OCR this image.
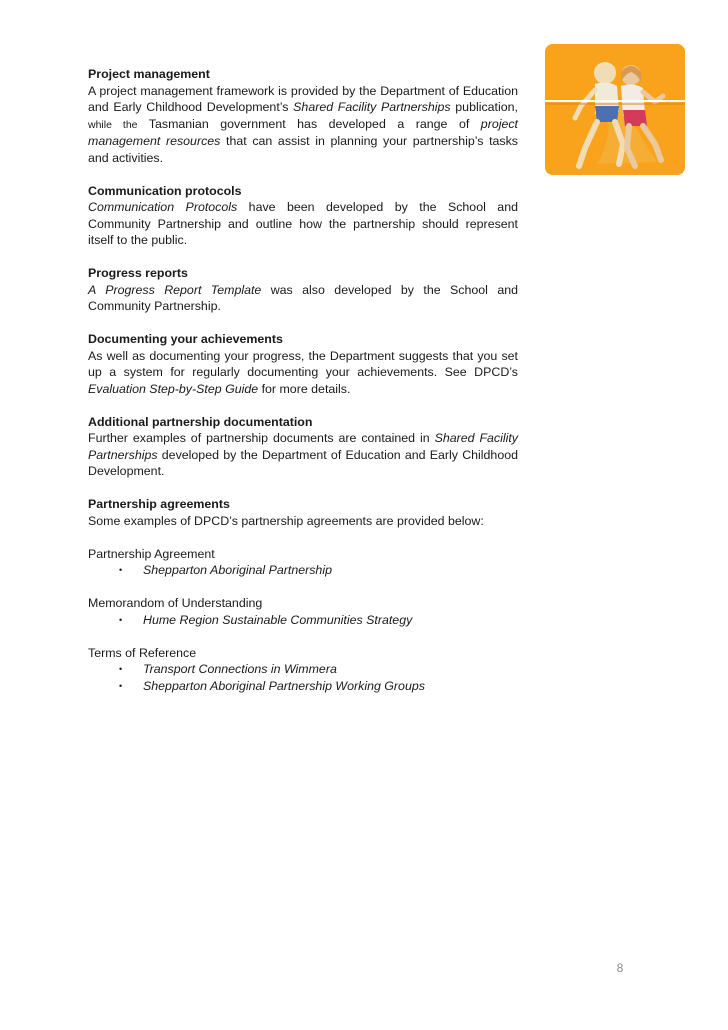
Project management
A project management framework is provided by the Department of Education and Early Childhood Development’s Shared Facility Partnerships publication, while the Tasmanian government has developed a range of project management resources that can assist in planning your partnership’s tasks and activities.
Communication protocols
Communication Protocols have been developed by the School and Community Partnership and outline how the partnership should represent itself to the public.
Progress reports
A Progress Report Template was also developed by the School and Community Partnership.
Documenting your achievements
As well as documenting your progress, the Department suggests that you set up a system for regularly documenting your achievements. See DPCD’s Evaluation Step-by-Step Guide for more details.
Additional partnership documentation
Further examples of partnership documents are contained in Shared Facility Partnerships developed by the Department of Education and Early Childhood Development.
Partnership agreements
Some examples of DPCD’s partnership agreements are provided below:
Partnership Agreement
• Shepparton Aboriginal Partnership
Memorandom of Understanding
• Hume Region Sustainable Communities Strategy
Terms of Reference
• Transport Connections in Wimmera
• Shepparton Aboriginal Partnership Working Groups
8
